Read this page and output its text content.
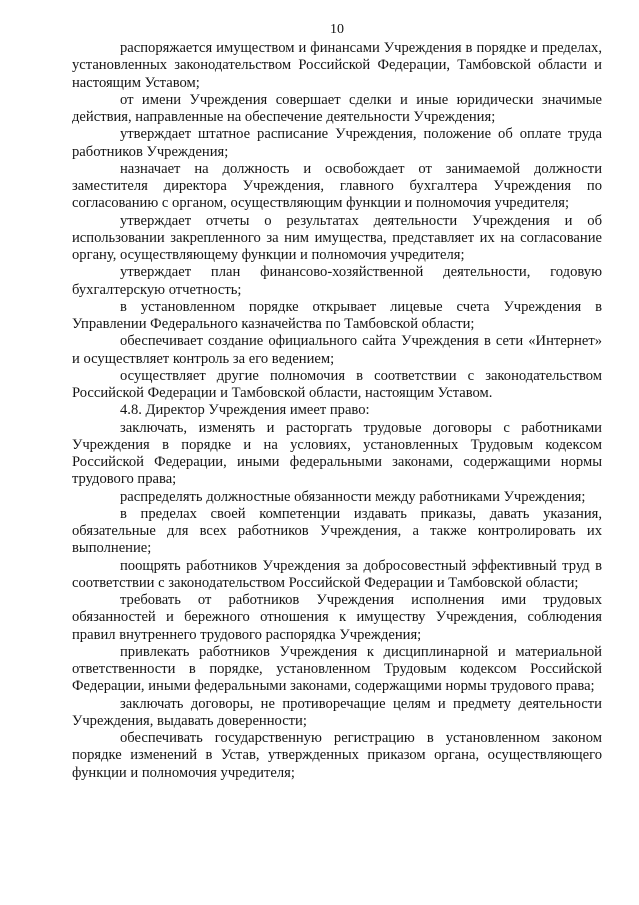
10

распоряжается имуществом и финансами Учреждения в порядке и пределах, установленных законодательством Российской Федерации, Тамбовской области и настоящим Уставом;

от имени Учреждения совершает сделки и иные юридически значимые действия, направленные на обеспечение деятельности Учреждения;

утверждает штатное расписание Учреждения, положение об оплате труда работников Учреждения;

назначает на должность и освобождает от занимаемой должности заместителя директора Учреждения, главного бухгалтера Учреждения по согласованию с органом, осуществляющим функции и полномочия учредителя;

утверждает отчеты о результатах деятельности Учреждения и об использовании закрепленного за ним имущества, представляет их на согласование органу, осуществляющему функции и полномочия учредителя;

утверждает план финансово-хозяйственной деятельности, годовую бухгалтерскую отчетность;

в установленном порядке открывает лицевые счета Учреждения в Управлении Федерального казначейства по Тамбовской области;

обеспечивает создание официального сайта Учреждения в сети «Интернет» и осуществляет контроль за его ведением;

осуществляет другие полномочия в соответствии с законодательством Российской Федерации и Тамбовской области, настоящим Уставом.

4.8. Директор Учреждения имеет право:

заключать, изменять и расторгать трудовые договоры с работниками Учреждения в порядке и на условиях, установленных Трудовым кодексом Российской Федерации, иными федеральными законами, содержащими нормы трудового права;

распределять должностные обязанности между работниками Учреждения;

в пределах своей компетенции издавать приказы, давать указания, обязательные для всех работников Учреждения, а также контролировать их выполнение;

поощрять работников Учреждения за добросовестный эффективный труд в соответствии с законодательством Российской Федерации и Тамбовской области;

требовать от работников Учреждения исполнения ими трудовых обязанностей и бережного отношения к имуществу Учреждения, соблюдения правил внутреннего трудового распорядка Учреждения;

привлекать работников Учреждения к дисциплинарной и материальной ответственности в порядке, установленном Трудовым кодексом Российской Федерации, иными федеральными законами, содержащими нормы трудового права;

заключать договоры, не противоречащие целям и предмету деятельности Учреждения, выдавать доверенности;

обеспечивать государственную регистрацию в установленном законом порядке изменений в Устав, утвержденных приказом органа, осуществляющего функции и полномочия учредителя;
